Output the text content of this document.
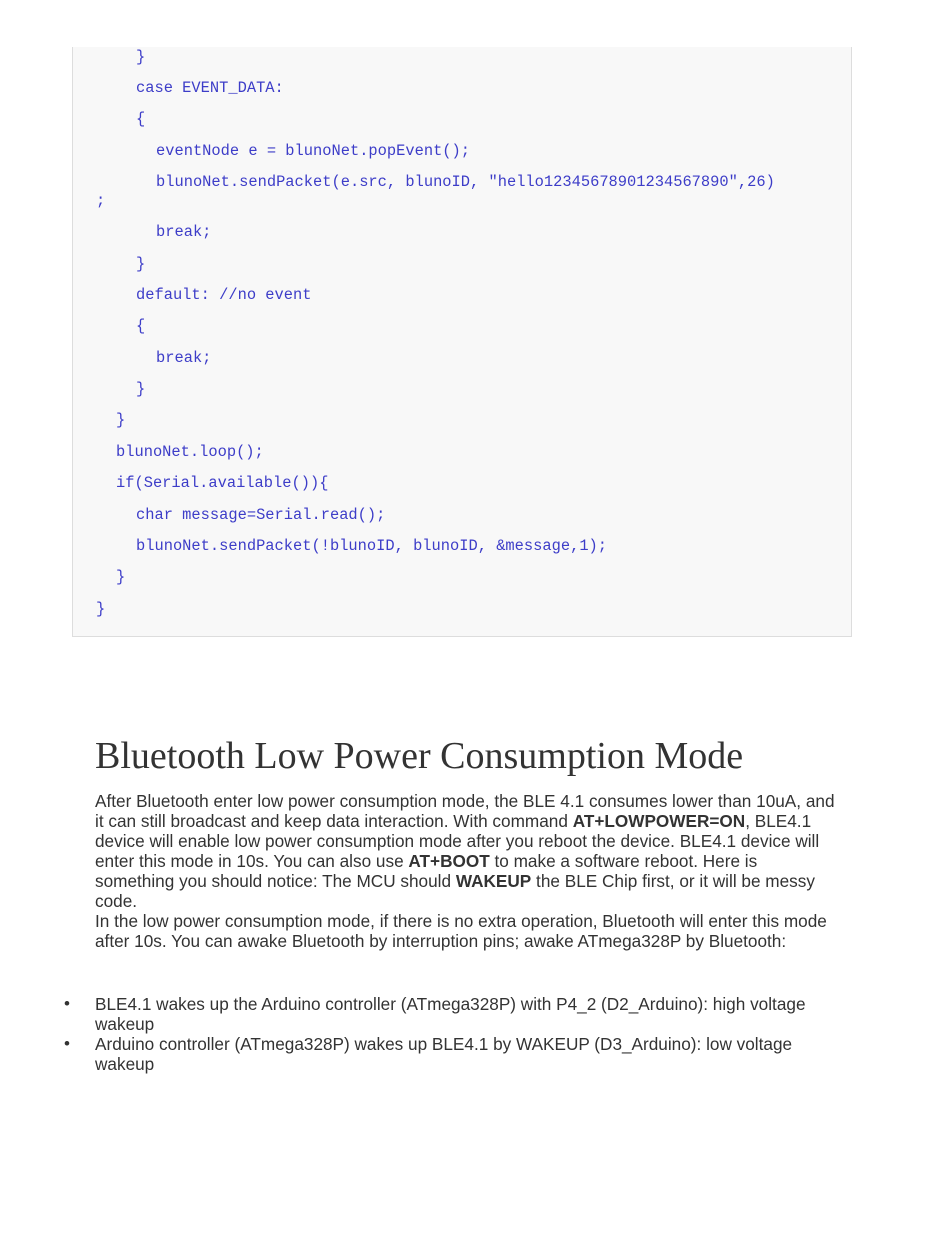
}
case EVENT_DATA:
{
eventNode e = blunoNet.popEvent();
blunoNet.sendPacket(e.src, blunoID, "hello12345678901234567890",26)
;
break;
}
default: //no event
{
break;
}
}
blunoNet.loop();
if(Serial.available()){
char message=Serial.read();
blunoNet.sendPacket(!blunoID, blunoID, &message,1);
}
}
Bluetooth Low Power Consumption Mode

After Bluetooth enter low power consumption mode, the BLE 4.1 consumes lower than 10uA, and it can still broadcast and keep data interaction. With command AT+LOWPOWER=ON, BLE4.1 device will enable low power consumption mode after you reboot the device. BLE4.1 device will enter this mode in 10s. You can also use AT+BOOT to make a software reboot. Here is something you should notice: The MCU should WAKEUP the BLE Chip first, or it will be messy code.

In the low power consumption mode, if there is no extra operation, Bluetooth will enter this mode after 10s. You can awake Bluetooth by interruption pins; awake ATmega328P by Bluetooth:

• BLE4.1 wakes up the Arduino controller (ATmega328P) with P4_2 (D2_Arduino): high voltage wakeup
• Arduino controller (ATmega328P) wakes up BLE4.1 by WAKEUP (D3_Arduino): low voltage wakeup
